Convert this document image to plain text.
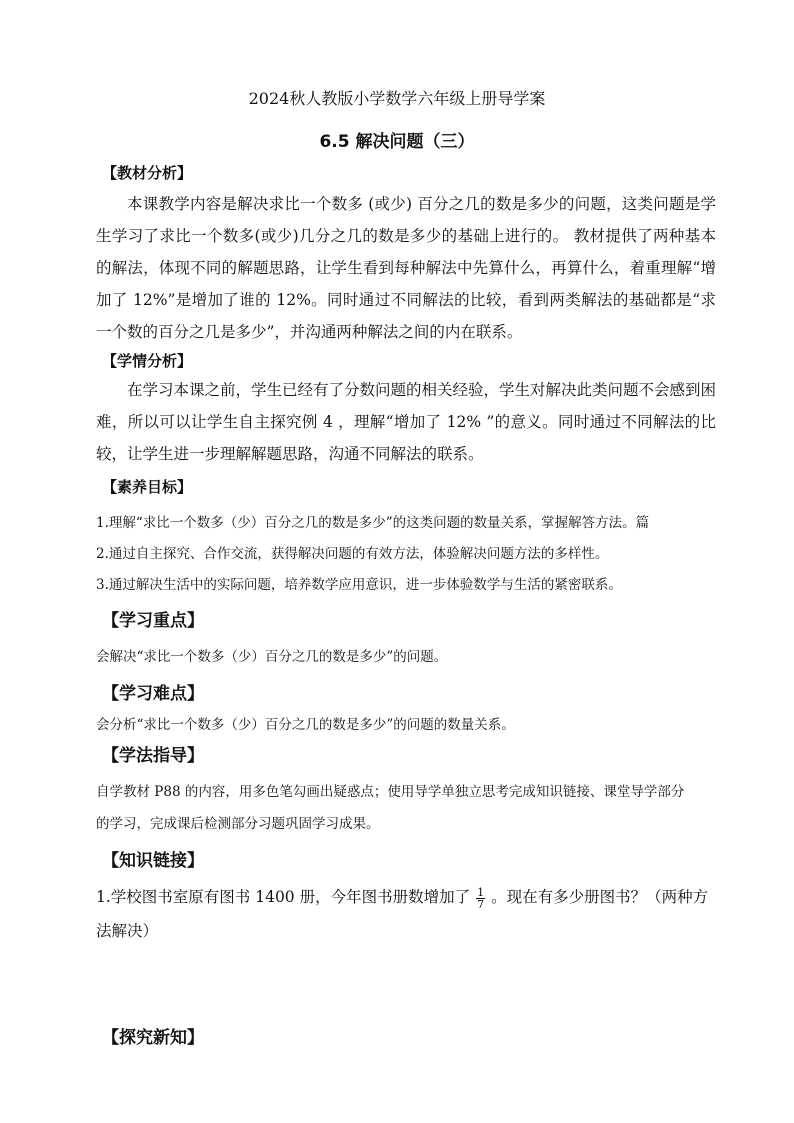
2024秋人教版小学数学六年级上册导学案
6.5 解决问题（三）
【教材分析】
本课教学内容是解决求比一个数多 (或少) 百分之几的数是多少的问题，这类问题是学生学习了求比一个数多(或少)几分之几的数是多少的基础上进行的。 教材提供了两种基本的解法，体现不同的解题思路，让学生看到每种解法中先算什么，再算什么，着重理解“增加了 12%”是增加了谁的 12%。同时通过不同解法的比较，看到两类解法的基础都是“求一个数的百分之几是多少”，并沟通两种解法之间的内在联系。
【学情分析】
在学习本课之前，学生已经有了分数问题的相关经验，学生对解决此类问题不会感到困难，所以可以让学生自主探究例 4 ，理解“增加了 12% ”的意义。同时通过不同解法的比较，让学生进一步理解解题思路，沟通不同解法的联系。
【素养目标】
1.理解“求比一个数多（少）百分之几的数是多少”的这类问题的数量关系，掌握解答方法。篇
2.通过自主探究、合作交流，获得解决问题的有效方法，体验解决问题方法的多样性。
3.通过解决生活中的实际问题，培养数学应用意识，进一步体验数学与生活的紧密联系。
【学习重点】
会解决“求比一个数多（少）百分之几的数是多少”的问题。
【学习难点】
会分析“求比一个数多（少）百分之几的数是多少”的问题的数量关系。
【学法指导】
自学教材 P88 的内容，用多色笔勾画出疑惑点；使用导学单独立思考完成知识链接、课堂导学部分
的学习，完成课后检测部分习题巩固学习成果。
【知识链接】
1.学校图书室原有图书 1400 册，今年图书册数增加了 $\frac{1}{7}$ 。现在有多少册图书？（两种方
法解决）
【探究新知】
